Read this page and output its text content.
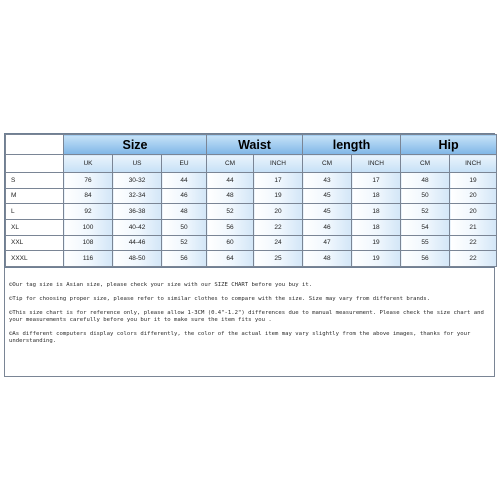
	Size			Waist		length		Hip	
	UK	US	EU	CM	INCH	CM	INCH	CM	INCH
S	76	30-32	44	44	17	43	17	48	19
M	84	32-34	46	48	19	45	18	50	20
L	92	36-38	48	52	20	45	18	52	20
XL	100	40-42	50	56	22	46	18	54	21
XXL	108	44-46	52	60	24	47	19	55	22
XXXL	116	48-50	56	64	25	48	19	56	22

©Our tag size is Asian size, please check your size with our SIZE CHART before you buy it.

©Tip for choosing proper size, please refer to similar clothes to compare with the size. Size may vary from different brands.

©This size chart is for reference only, please allow 1-3CM (0.4"-1.2") differences due to manual measurement. Please check the size chart and your measurements carefully before you bur it to make sure the item fits you .

©As different computers display colors differently, the color of the actual item may vary slightly from the above images, thanks for your understanding.
